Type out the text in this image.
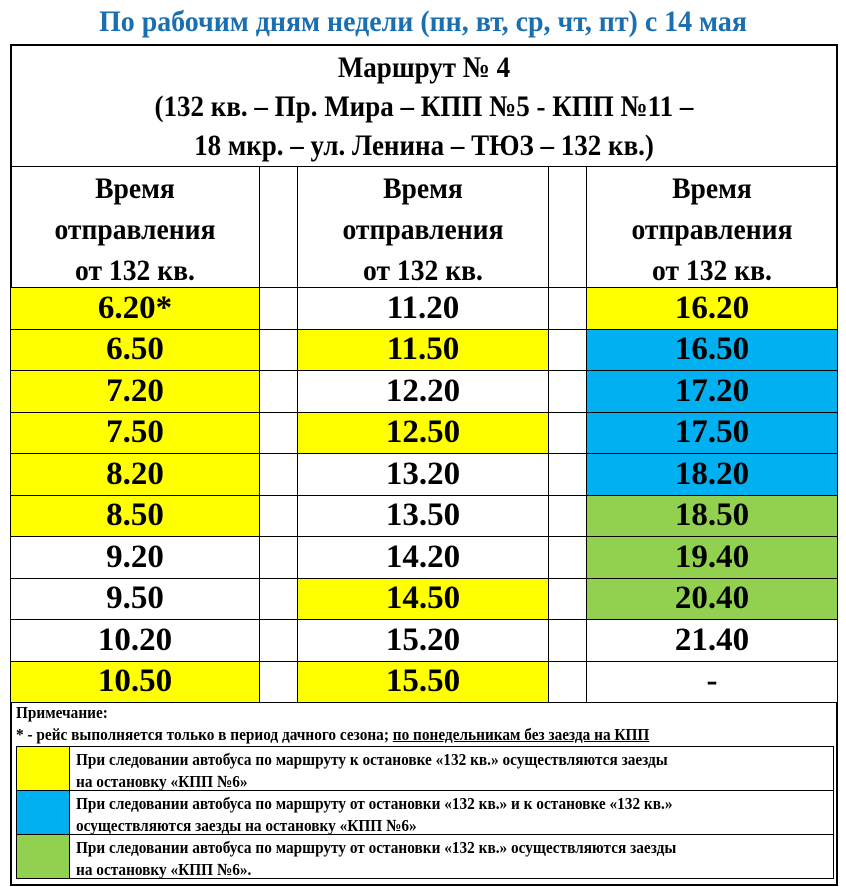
По рабочим дням недели (пн, вт, ср, чт, пт) с 14 мая
Маршрут № 4
(132 кв. – Пр. Мира – КПП №5 - КПП №11 –
18 мкр. – ул. Ленина – ТЮЗ – 132 кв.)
Время
отправления
от 132 кв.
6.20*
6.50
7.20
7.50
8.20
8.50
9.20
9.50
10.20
10.50
Время
отправления
от 132 кв.
11.20
11.50
12.20
12.50
13.20
13.50
14.20
14.50
15.20
15.50
Время
отправления
от 132 кв.
16.20
16.50
17.20
17.50
18.20
18.50
19.40
20.40
21.40
-
Примечание:
* - рейс выполняется только в период дачного сезона; по понедельникам без заезда на КПП
При следовании автобуса по маршруту к остановке «132 кв.» осуществляются заезды
на остановку «КПП №6»
При следовании автобуса по маршруту от остановки «132 кв.» и к остановке «132 кв.»
осуществляются заезды на остановку «КПП №6»
При следовании автобуса по маршруту от остановки «132 кв.» осуществляются заезды
на остановку «КПП №6».
